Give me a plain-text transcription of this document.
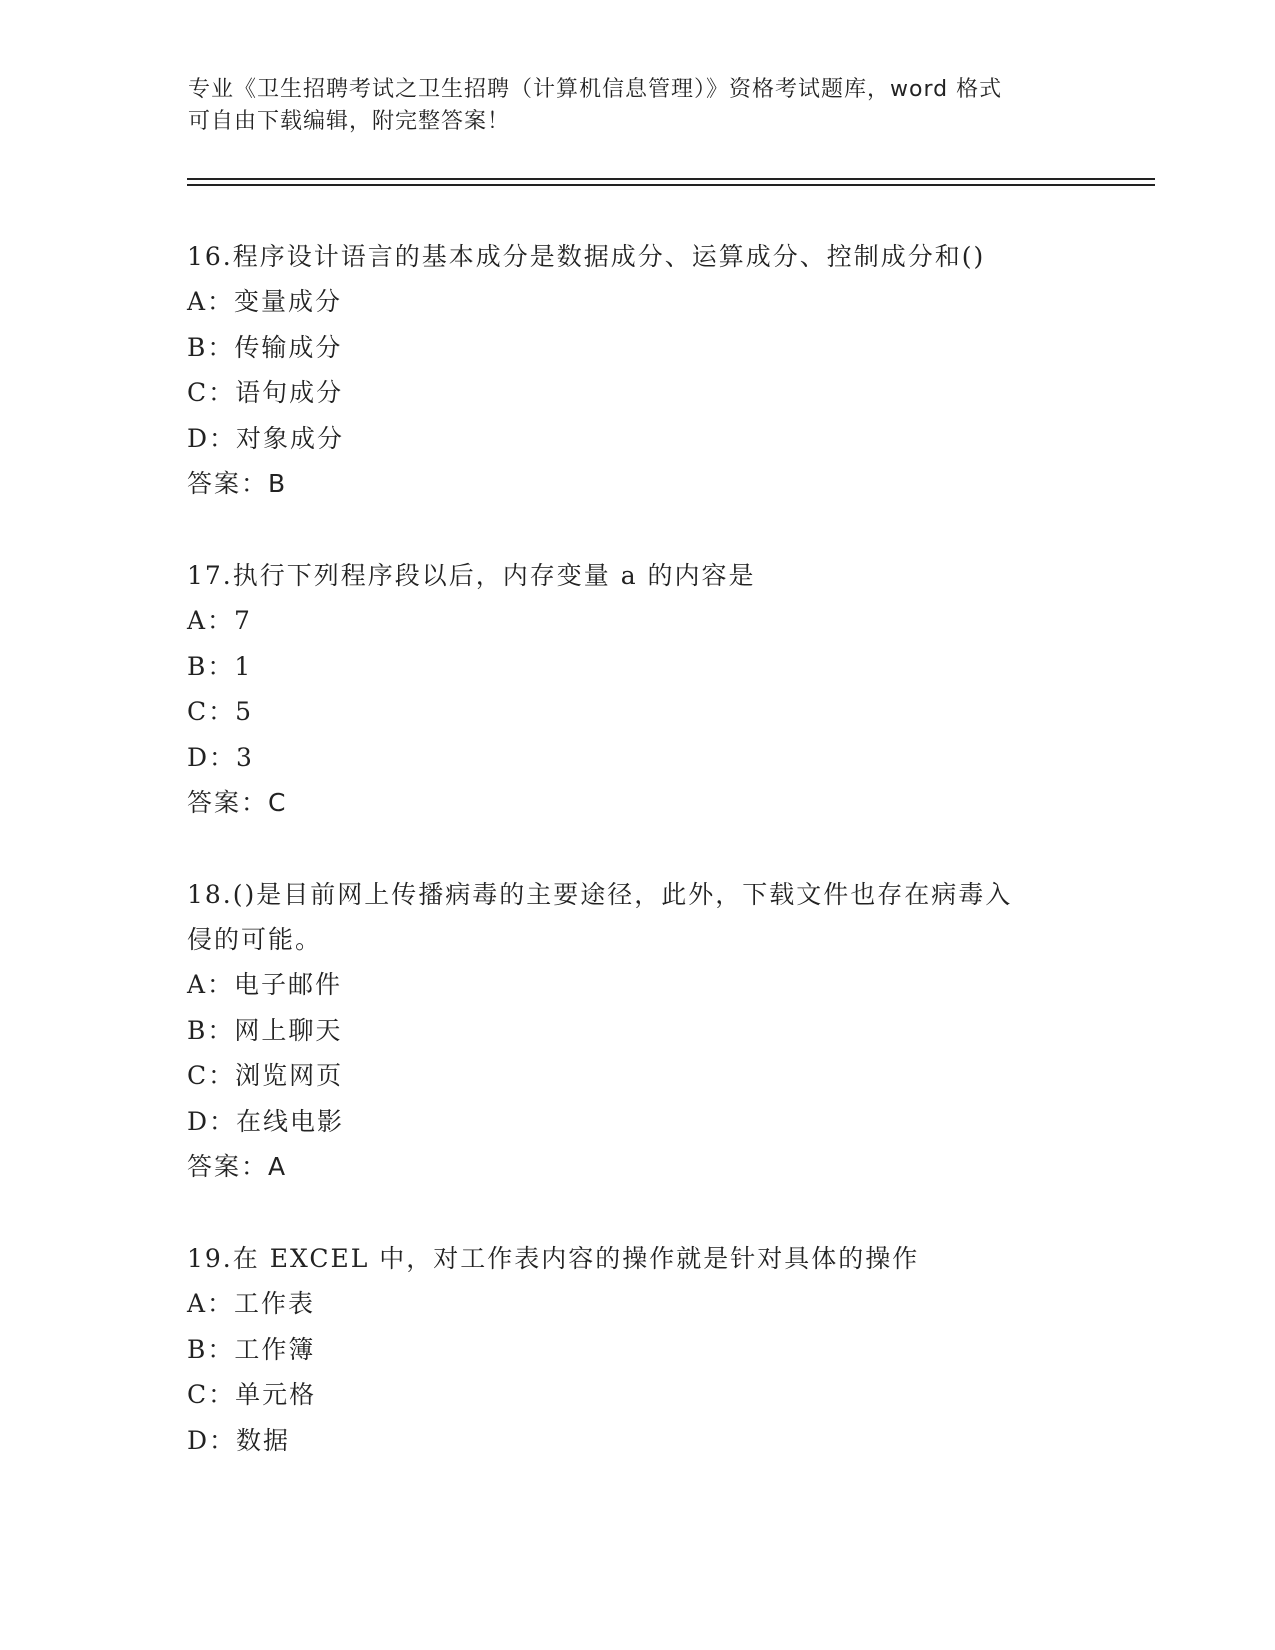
专业《卫生招聘考试之卫生招聘（计算机信息管理）》资格考试题库，word 格式
可自由下载编辑，附完整答案！

16.程序设计语言的基本成分是数据成分、运算成分、控制成分和()

A：变量成分

B：传输成分

C：语句成分

D：对象成分

答案：B

17.执行下列程序段以后，内存变量 a 的内容是

A：7

B：1

C：5

D：3

答案：C

18.()是目前网上传播病毒的主要途径，此外，下载文件也存在病毒入

侵的可能。

A：电子邮件

B：网上聊天

C：浏览网页

D：在线电影

答案：A

19.在 EXCEL 中，对工作表内容的操作就是针对具体的操作

A：工作表

B：工作簿

C：单元格

D：数据
